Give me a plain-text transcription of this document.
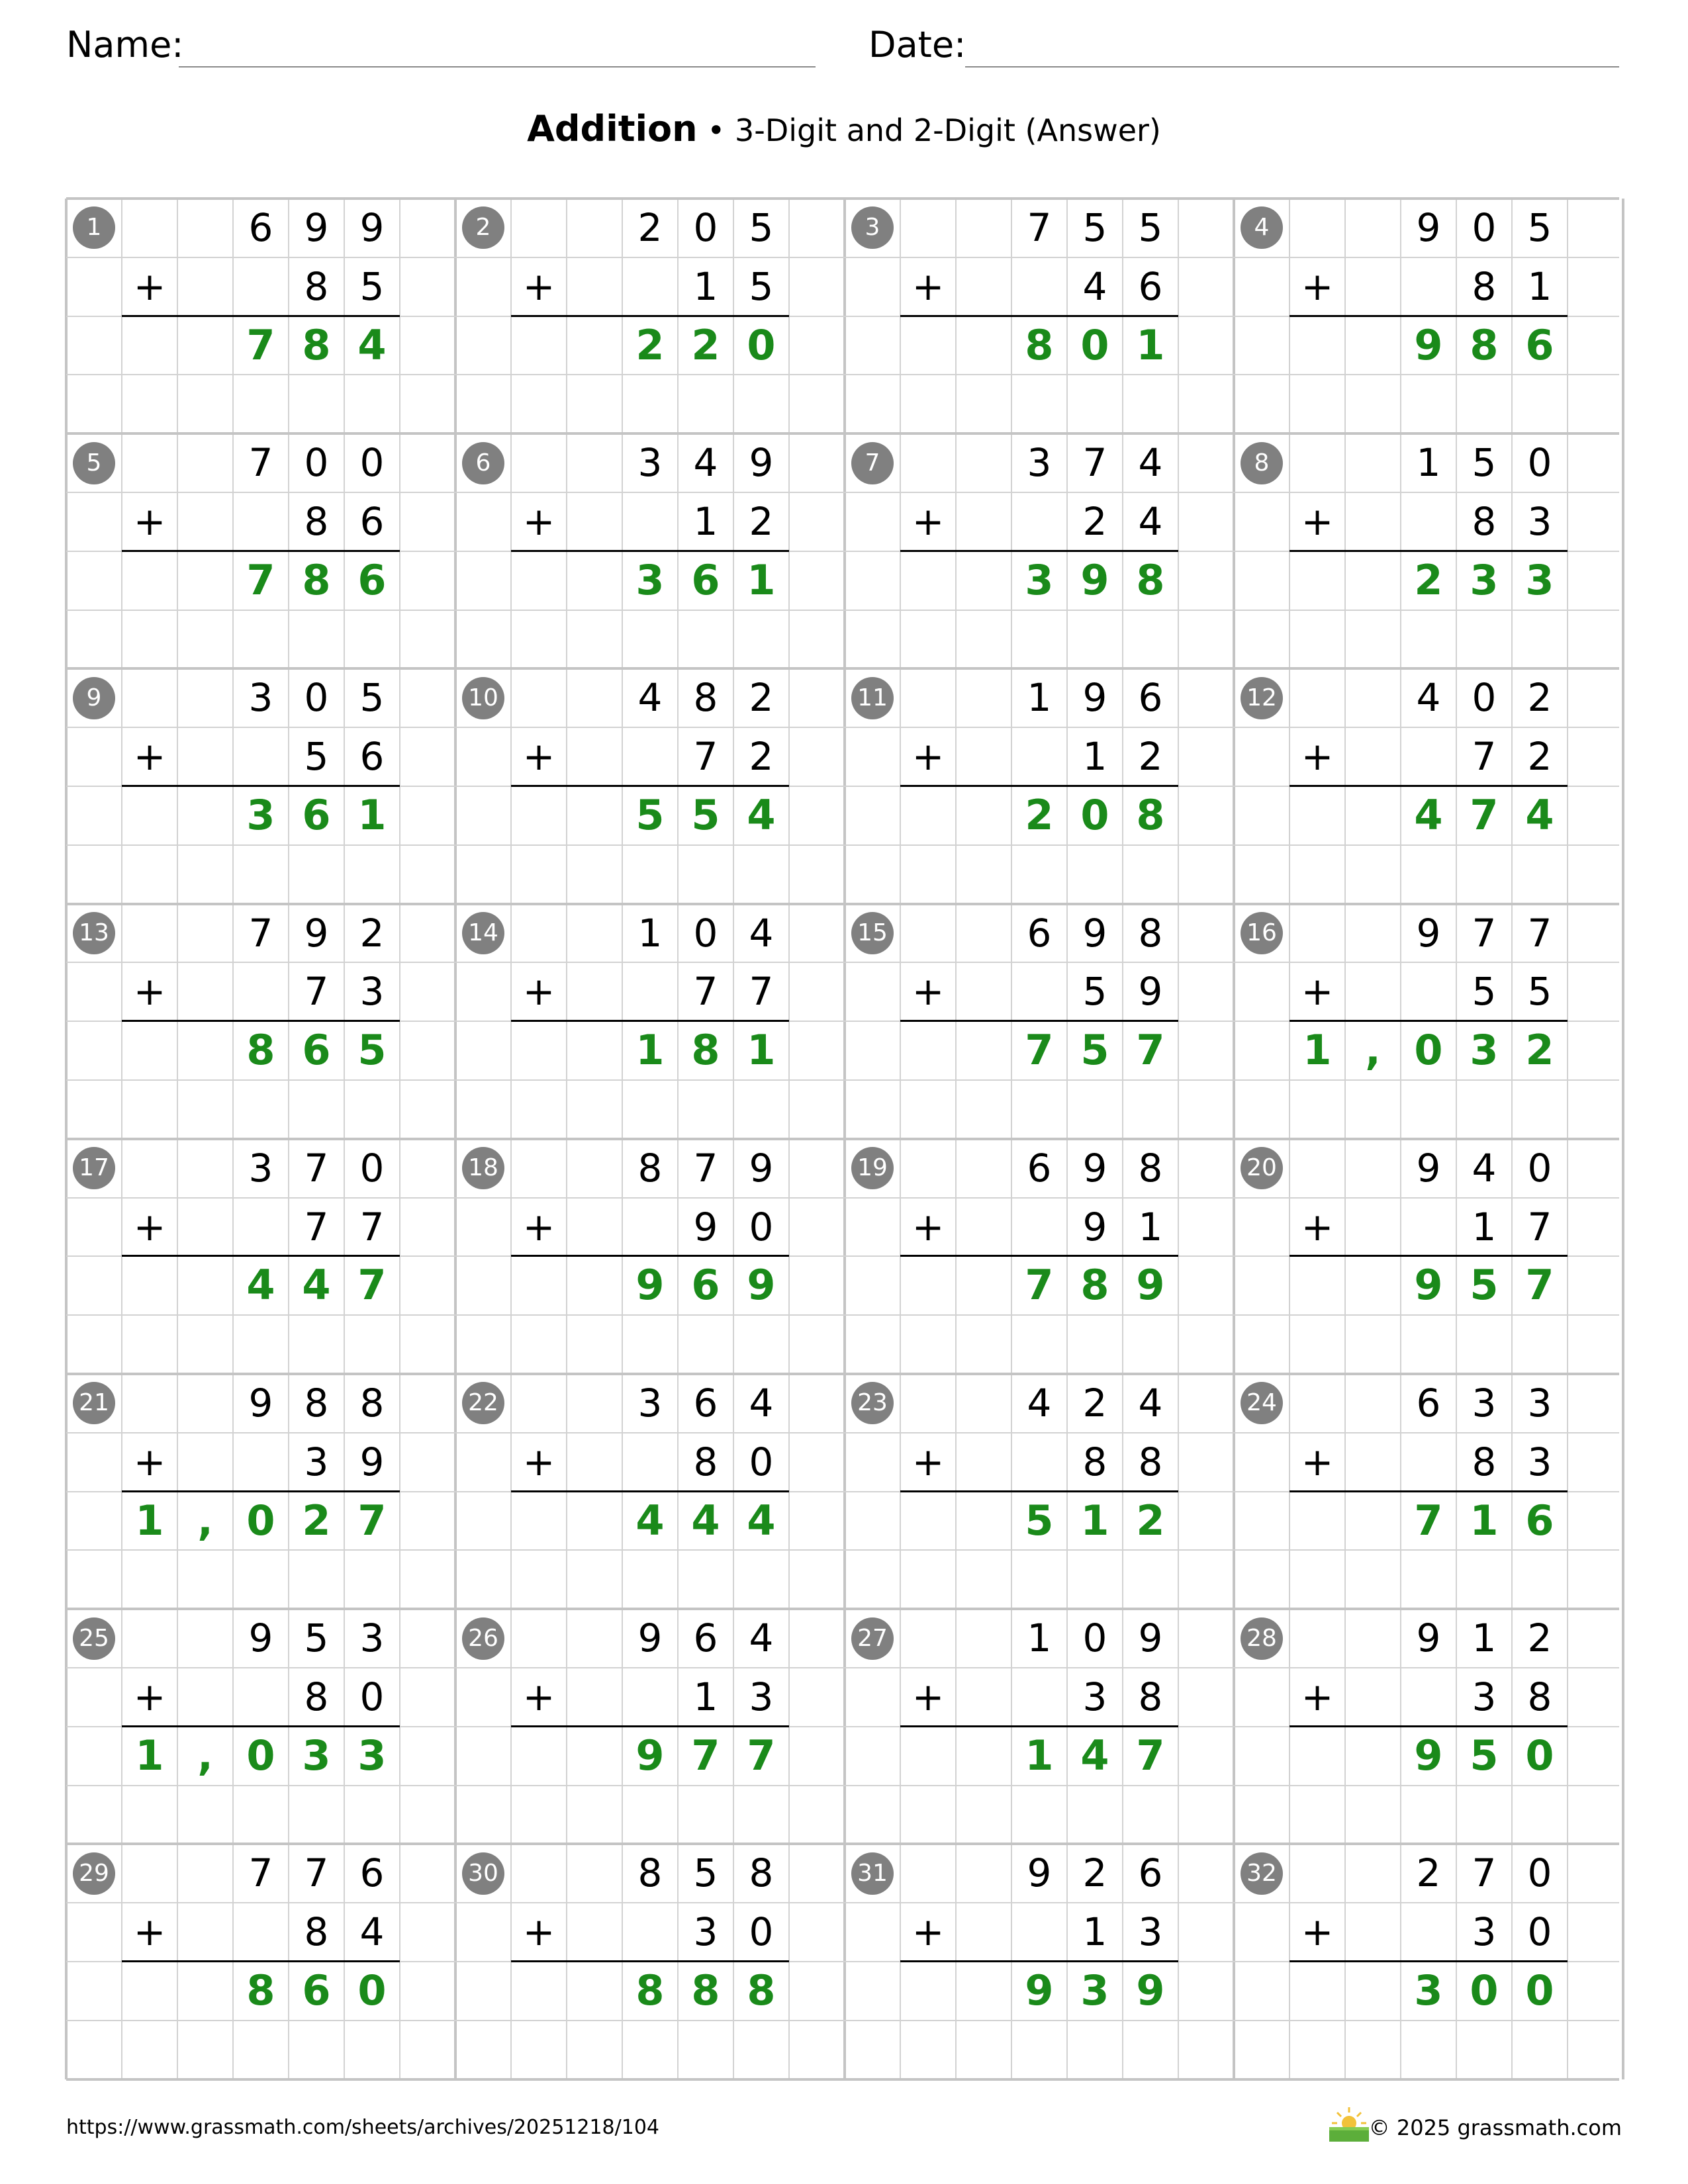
Name:	Date:
Addition • 3-Digit and 2-Digit (Answer)
1	6 9 9
+	8 5
7 8 4
2	2 0 5
+	1 5
2 2 0
3	7 5 5
+	4 6
8 0 1
4	9 0 5
+	8 1
9 8 6
5	7 0 0
+	8 6
7 8 6
6	3 4 9
+	1 2
3 6 1
7	3 7 4
+	2 4
3 9 8
8	1 5 0
+	8 3
2 3 3
9	3 0 5
+	5 6
3 6 1
10	4 8 2
+	7 2
5 5 4
11	1 9 6
+	1 2
2 0 8
12	4 0 2
+	7 2
4 7 4
13	7 9 2
+	7 3
8 6 5
14	1 0 4
+	7 7
1 8 1
15	6 9 8
+	5 9
7 5 7
16	9 7 7
+	5 5
1 , 0 3 2
17	3 7 0
+	7 7
4 4 7
18	8 7 9
+	9 0
9 6 9
19	6 9 8
+	9 1
7 8 9
20	9 4 0
+	1 7
9 5 7
21	9 8 8
+	3 9
1 , 0 2 7
22	3 6 4
+	8 0
4 4 4
23	4 2 4
+	8 8
5 1 2
24	6 3 3
+	8 3
7 1 6
25	9 5 3
+	8 0
1 , 0 3 3
26	9 6 4
+	1 3
9 7 7
27	1 0 9
+	3 8
1 4 7
28	9 1 2
+	3 8
9 5 0
29	7 7 6
+	8 4
8 6 0
30	8 5 8
+	3 0
8 8 8
31	9 2 6
+	1 3
9 3 9
32	2 7 0
+	3 0
3 0 0
https://www.grassmath.com/sheets/archives/20251218/104	© 2025 grassmath.com
